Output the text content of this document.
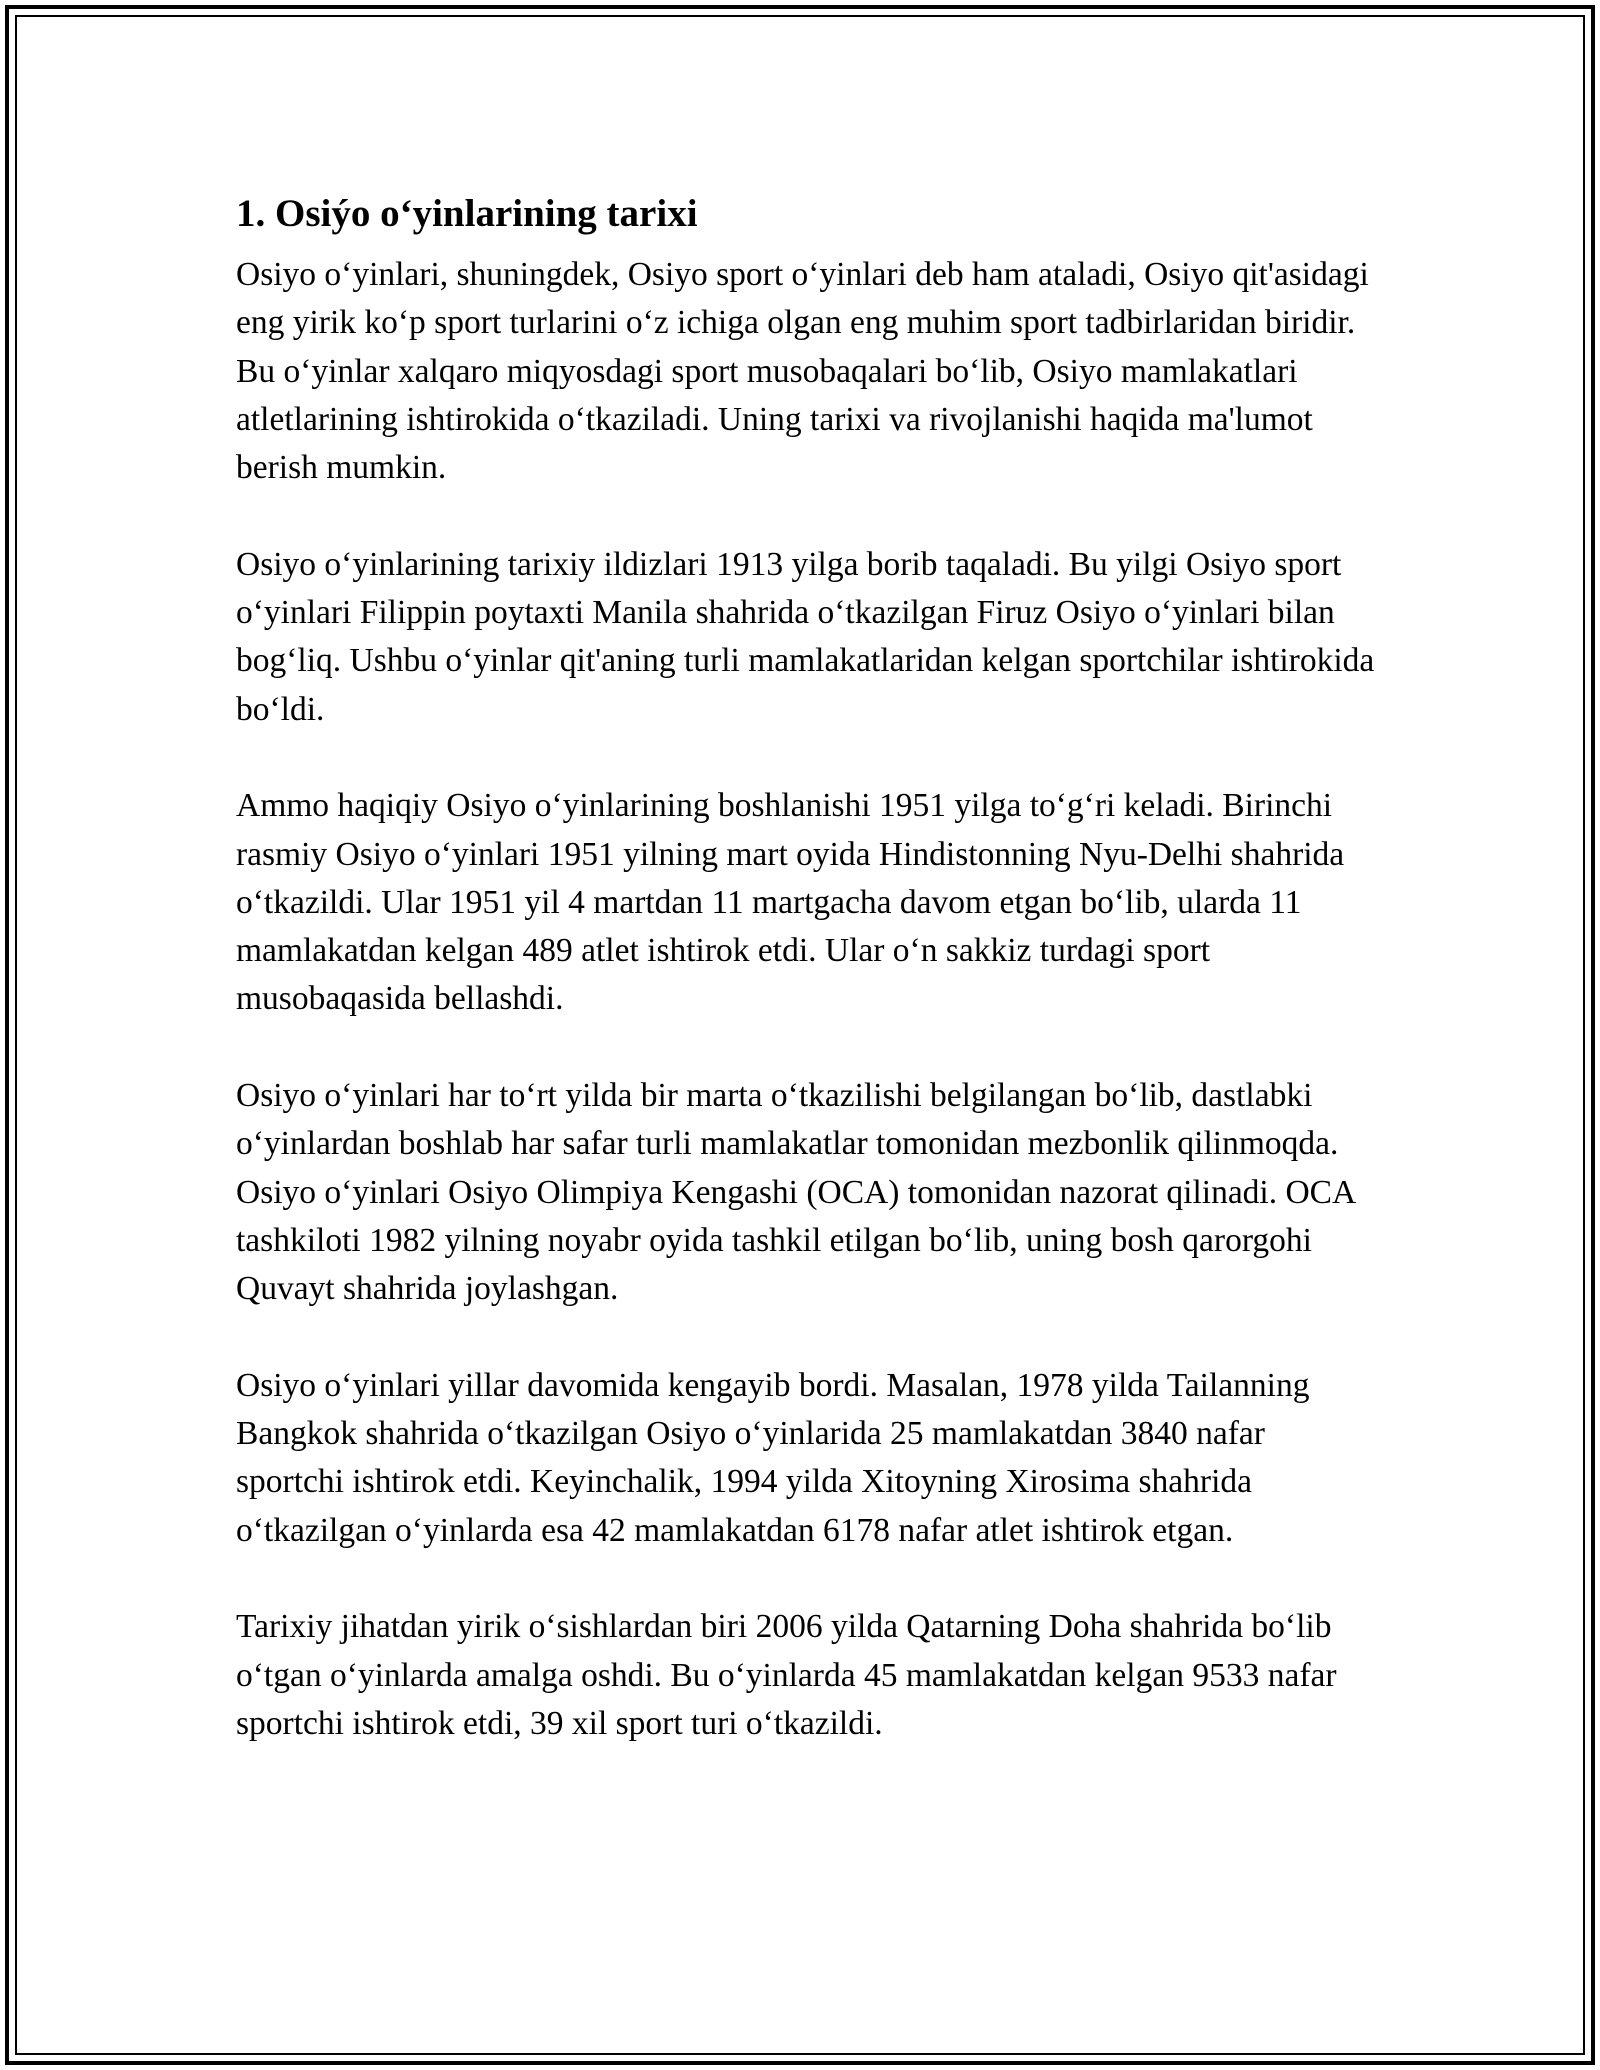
1. Osiýo o‘yinlarining tarixi

Osiyo o‘yinlari, shuningdek, Osiyo sport o‘yinlari deb ham ataladi, Osiyo qit'asidagi eng yirik ko‘p sport turlarini o‘z ichiga olgan eng muhim sport tadbirlaridan biridir. Bu o‘yinlar xalqaro miqyosdagi sport musobaqalari bo‘lib, Osiyo mamlakatlari atletlarining ishtirokida o‘tkaziladi. Uning tarixi va rivojlanishi haqida ma'lumot berish mumkin.

Osiyo o‘yinlarining tarixiy ildizlari 1913 yilga borib taqaladi. Bu yilgi Osiyo sport o‘yinlari Filippin poytaxti Manila shahrida o‘tkazilgan Firuz Osiyo o‘yinlari bilan bog‘liq. Ushbu o‘yinlar qit'aning turli mamlakatlaridan kelgan sportchilar ishtirokida bo‘ldi.

Ammo haqiqiy Osiyo o‘yinlarining boshlanishi 1951 yilga to‘g‘ri keladi. Birinchi rasmiy Osiyo o‘yinlari 1951 yilning mart oyida Hindistonning Nyu-Delhi shahrida o‘tkazildi. Ular 1951 yil 4 martdan 11 martgacha davom etgan bo‘lib, ularda 11 mamlakatdan kelgan 489 atlet ishtirok etdi. Ular o‘n sakkiz turdagi sport musobaqasida bellashdi.

Osiyo o‘yinlari har to‘rt yilda bir marta o‘tkazilishi belgilangan bo‘lib, dastlabki o‘yinlardan boshlab har safar turli mamlakatlar tomonidan mezbonlik qilinmoqda. Osiyo o‘yinlari Osiyo Olimpiya Kengashi (OCA) tomonidan nazorat qilinadi. OCA tashkiloti 1982 yilning noyabr oyida tashkil etilgan bo‘lib, uning bosh qarorgohi Quvayt shahrida joylashgan.

Osiyo o‘yinlari yillar davomida kengayib bordi. Masalan, 1978 yilda Tailanning Bangkok shahrida o‘tkazilgan Osiyo o‘yinlarida 25 mamlakatdan 3840 nafar sportchi ishtirok etdi. Keyinchalik, 1994 yilda Xitoyning Xirosima shahrida o‘tkazilgan o‘yinlarda esa 42 mamlakatdan 6178 nafar atlet ishtirok etgan.

Tarixiy jihatdan yirik o‘sishlardan biri 2006 yilda Qatarning Doha shahrida bo‘lib o‘tgan o‘yinlarda amalga oshdi. Bu o‘yinlarda 45 mamlakatdan kelgan 9533 nafar sportchi ishtirok etdi, 39 xil sport turi o‘tkazildi.
